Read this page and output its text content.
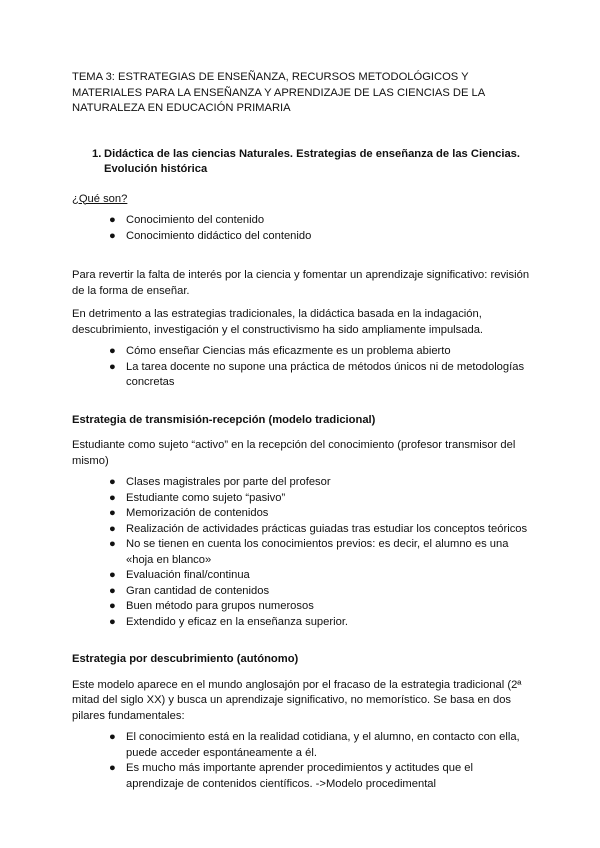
TEMA 3: ESTRATEGIAS DE ENSEÑANZA, RECURSOS METODOLÓGICOS Y MATERIALES PARA LA ENSEÑANZA Y APRENDIZAJE DE LAS CIENCIAS DE LA NATURALEZA EN EDUCACIÓN PRIMARIA

1. Didáctica de las ciencias Naturales. Estrategias de enseñanza de las Ciencias. Evolución histórica

¿Qué son?

● Conocimiento del contenido
● Conocimiento didáctico del contenido

Para revertir la falta de interés por la ciencia y fomentar un aprendizaje significativo: revisión de la forma de enseñar.

En detrimento a las estrategias tradicionales, la didáctica basada en la indagación, descubrimiento, investigación y el constructivismo ha sido ampliamente impulsada.

● Cómo enseñar Ciencias más eficazmente es un problema abierto
● La tarea docente no supone una práctica de métodos únicos ni de metodologías concretas

Estrategia de transmisión-recepción (modelo tradicional)

Estudiante como sujeto “activo” en la recepción del conocimiento (profesor transmisor del mismo)

● Clases magistrales por parte del profesor
● Estudiante como sujeto “pasivo”
● Memorización de contenidos
● Realización de actividades prácticas guiadas tras estudiar los conceptos teóricos
● No se tienen en cuenta los conocimientos previos: es decir, el alumno es una «hoja en blanco»
● Evaluación final/continua
● Gran cantidad de contenidos
● Buen método para grupos numerosos
● Extendido y eficaz en la enseñanza superior.

Estrategia por descubrimiento (autónomo)

Este modelo aparece en el mundo anglosajón por el fracaso de la estrategia tradicional (2ª mitad del siglo XX) y busca un aprendizaje significativo, no memorístico. Se basa en dos pilares fundamentales:

● El conocimiento está en la realidad cotidiana, y el alumno, en contacto con ella, puede acceder espontáneamente a él.
● Es mucho más importante aprender procedimientos y actitudes que el aprendizaje de contenidos científicos. ->Modelo procedimental
